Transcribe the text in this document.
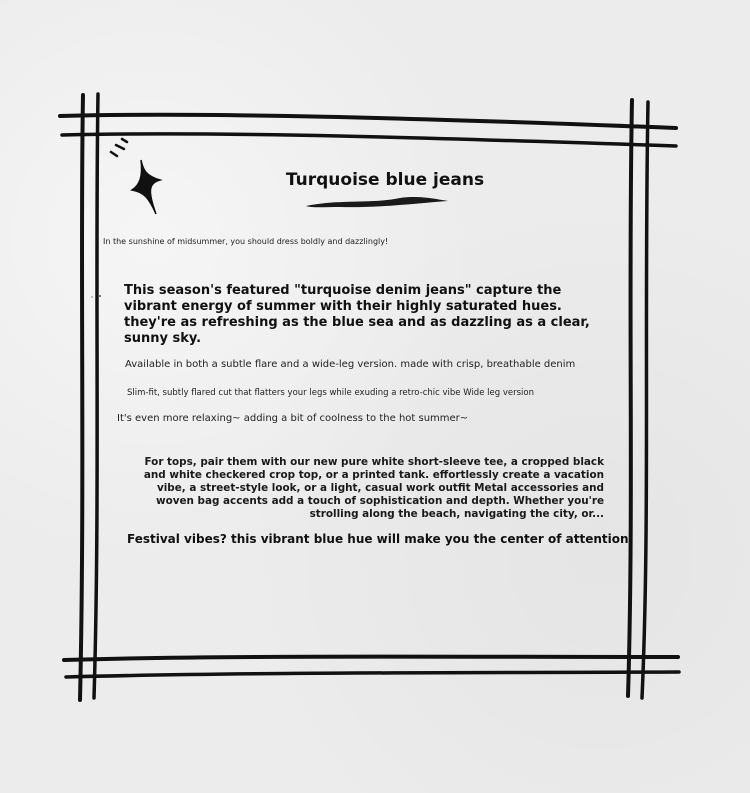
Turquoise blue jeans

In the sunshine of midsummer, you should dress boldly and dazzlingly!

This season's featured "turquoise denim jeans" capture the vibrant energy of summer with their highly saturated hues. they're as refreshing as the blue sea and as dazzling as a clear, sunny sky.

Available in both a subtle flare and a wide-leg version. made with crisp, breathable denim

Slim-fit, subtly flared cut that flatters your legs while exuding a retro-chic vibe Wide leg version

It's even more relaxing~ adding a bit of coolness to the hot summer~

For tops, pair them with our new pure white short-sleeve tee, a cropped black and white checkered crop top, or a printed tank. effortlessly create a vacation vibe, a street-style look, or a light, casual work outfit Metal accessories and woven bag accents add a touch of sophistication and depth. Whether you're strolling along the beach, navigating the city, or...

Festival vibes? this vibrant blue hue will make you the center of attention.
